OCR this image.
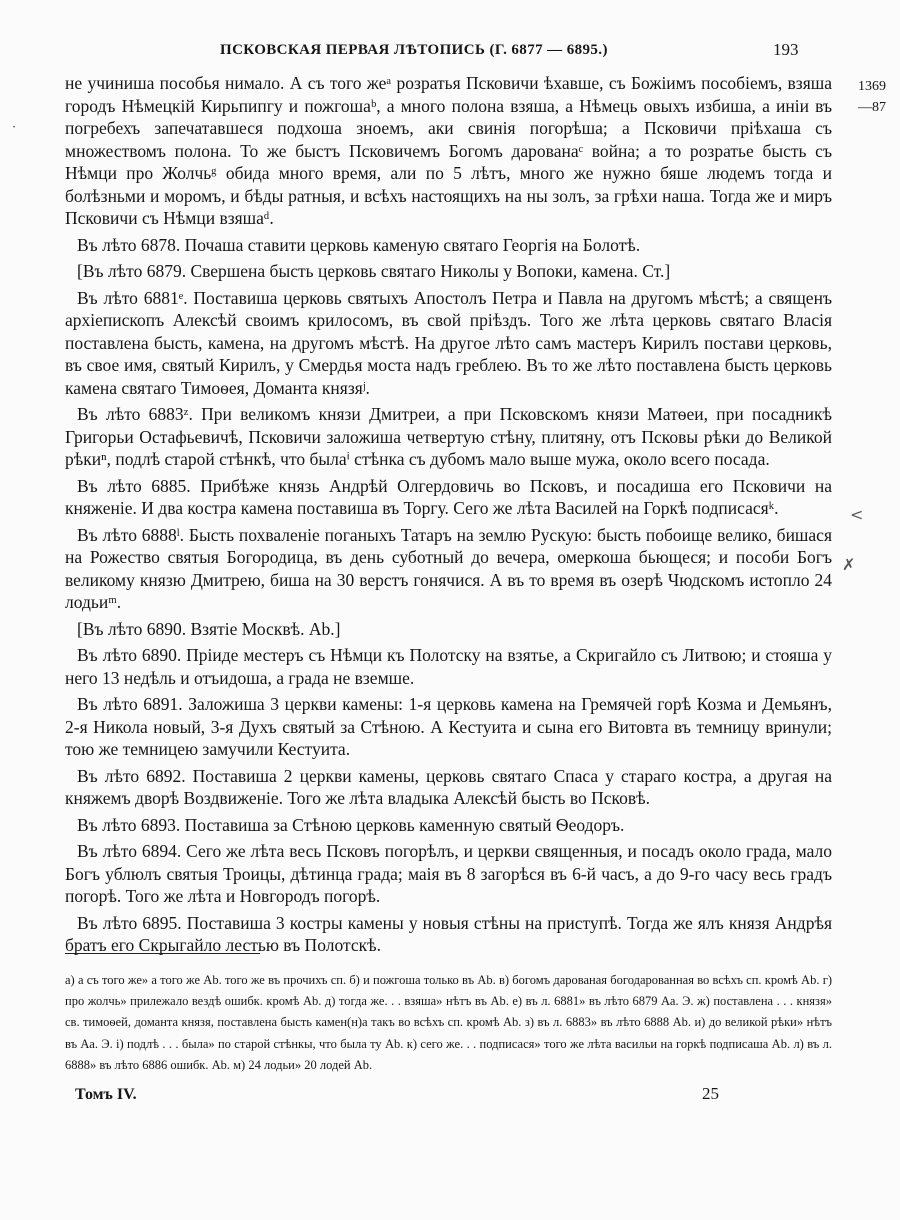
ПСКОВСКАЯ ПЕРВАЯ ЛѢТОПИСЬ (Г. 6877 — 6895.)	193
1369
—87
<
✗
·

не учиниша пособья нимало. А съ того жеᵃ розратья Псковичи ѣхавше, съ Божіимъ пособіемъ, взяша городъ Нѣмецкій Кирьпипгу и пожгошаᵇ, а много полона взяша, а Нѣмець овыхъ избиша, а иніи въ погребехъ запечатавшеся подхоша зноемъ, аки свинія погорѣша; а Псковичи пріѣхаша съ множествомъ полона. То же быстъ Псковичемъ Богомъ дарованаᶜ война; а то розратье бысть съ Нѣмци про Жолчьᵍ обида много время, али по 5 лѣтъ, много же нужно бяше людемъ тогда и болѣзньми и моромъ, и бѣды ратныя, и всѣхъ настоящихъ на ны золъ, за грѣхи наша. Тогда же и миръ Псковичи съ Нѣмци взяшаᵈ.

Въ лѣто 6878. Почаша ставити церковь каменую святаго Георгія на Болотѣ.

[Въ лѣто 6879. Свершена бысть церковь святаго Николы у Вопоки, камена. Ст.]

Въ лѣто 6881ᵉ. Поставиша церковь святыхъ Апостолъ Петра и Павла на другомъ мѣстѣ; а священъ архіепископъ Алексѣй своимъ крилосомъ, въ свой пріѣздъ. Того же лѣта церковь святаго Власія поставлена бысть, камена, на другомъ мѣстѣ. На другое лѣто самъ мастеръ Кирилъ постави церковь, въ свое имя, святый Кирилъ, у Смердья моста надъ греблею. Въ то же лѣто поставлена бысть церковь камена святаго Тимоѳея, Доманта князяʲ.

Въ лѣто 6883ᶻ. При великомъ князи Дмитреи, а при Псковскомъ князи Матѳеи, при посадникѣ Григорьи Остафьевичѣ, Псковичи заложиша четвертую стѣну, плитяну, отъ Псковы рѣки до Великой рѣкиⁿ, подлѣ старой стѣнкѣ, что былаⁱ стѣнка съ дубомъ мало выше мужа, около всего посада.

Въ лѣто 6885. Прибѣже князь Андрѣй Олгердовичь во Псковъ, и посадиша его Псковичи на княженіе. И два костра камена поставиша въ Торгу. Сего же лѣта Василей на Горкѣ подписасяᵏ.

Въ лѣто 6888ˡ. Бысть похваленіе поганыхъ Татаръ на землю Рускую: бысть побоище велико, бишася на Рожество святыя Богородица, въ день суботный до вечера, омеркоша бьющеся; и пособи Богъ великому князю Дмитрею, биша на 30 верстъ гонячися. А въ то время въ озерѣ Чюдскомъ истопло 24 лодьиᵐ.

[Въ лѣто 6890. Взятіе Москвѣ. Аb.]

Въ лѣто 6890. Пріиде местеръ съ Нѣмци къ Полотску на взятье, а Скригайло съ Литвою; и стояша у него 13 недѣль и отъидоша, а града не вземше.

Въ лѣто 6891. Заложиша 3 церкви камены: 1-я церковь камена на Гремячей горѣ Козма и Демьянъ, 2-я Никола новый, 3-я Духъ святый за Стѣною. А Кестуита и сына его Витовта въ темницу вринули; тою же темницею замучили Кестуита.

Въ лѣто 6892. Поставиша 2 церкви камены, церковь святаго Спаса у стараго костра, а другая на княжемъ дворѣ Воздвиженіе. Того же лѣта владыка Алексѣй бысть во Псковѣ.

Въ лѣто 6893. Поставиша за Стѣною церковь каменную святый Ѳеодоръ.

Въ лѣто 6894. Сего же лѣта весь Псковъ погорѣлъ, и церкви священныя, и посадъ около града, мало Богъ ублюлъ святыя Троицы, дѣтинца града; маія въ 8 загорѣся въ 6-й часъ, а до 9-го часу весь градъ погорѣ. Того же лѣта и Новгородъ погорѣ.

Въ лѣто 6895. Поставиша 3 костры камены у новыя стѣны на приступѣ. Тогда же ялъ князя Андрѣя братъ его Скрыгайло лестью въ Полотскѣ.

а) а съ того же» а того же Аb. того же въ прочихъ сп. б) и пожгоша только въ Аb. в) богомъ дарованая богодарованная во всѣхъ сп. кромѣ Аb. г) про жолчь» прилежало вездѣ ошибк. кромѣ Аb. д) тогда же. . . взяша» нѣтъ въ Аb. е) въ л. 6881» въ лѣто 6879 Аа. Э. ж) поставлена . . . князя» св. тимоѳей, доманта князя, поставлена бысть камен(н)а такъ во всѣхъ сп. кромѣ Аb. з) въ л. 6883» въ лѣто 6888 Аb. и) до великой рѣки» нѣтъ въ Аа. Э. і) подлѣ . . . была» по старой стѣнкы, что была ту Аb. к) сего же. . . подписася» того же лѣта васильи на горкѣ подписаша Аb. л) въ л. 6888» въ лѣто 6886 ошибк. Аb. м) 24 лодьи» 20 лодей Аb.

Томъ IV.	25
